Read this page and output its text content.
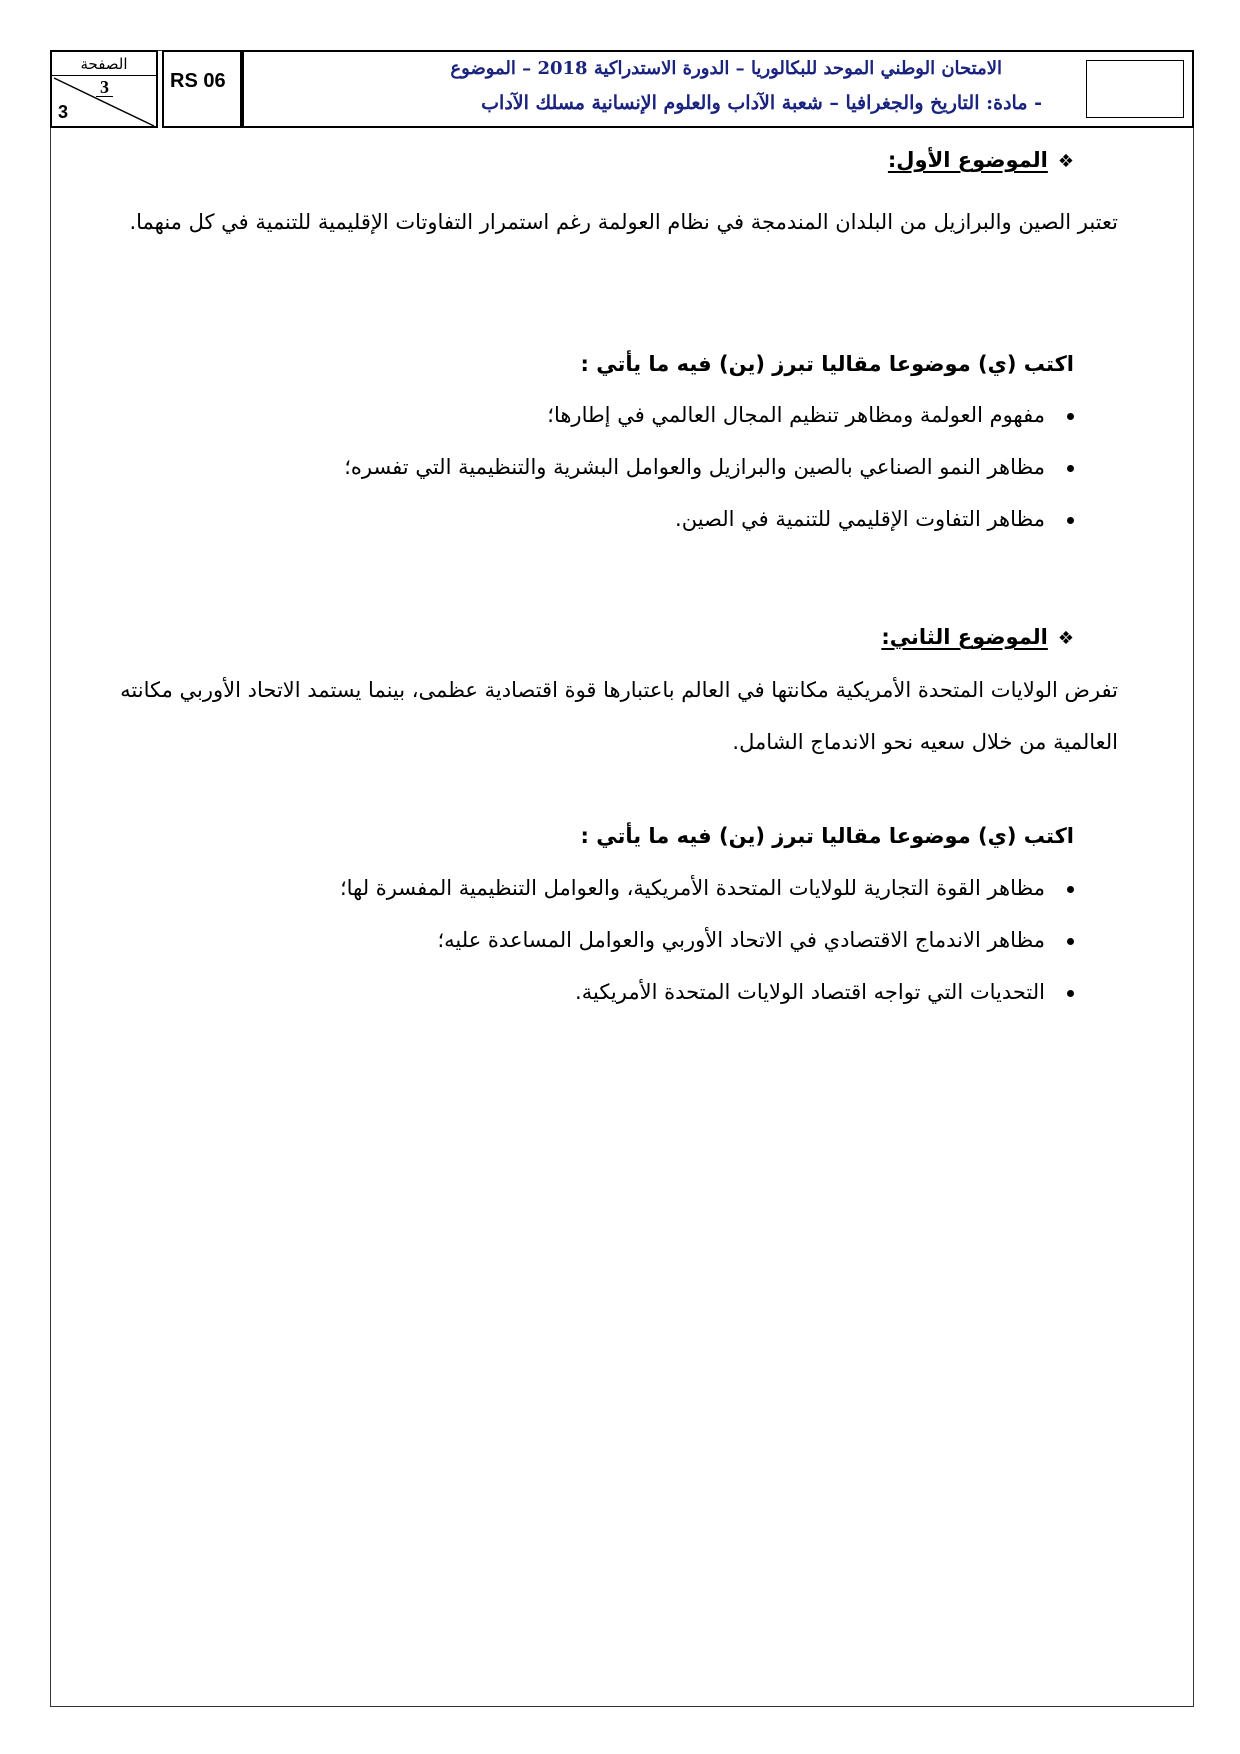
الصفحة
3
3
RS 06
الامتحان الوطني الموحد للبكالوريا – الدورة الاستدراكية 2018 – الموضوع
- مادة: التاريخ والجغرافيا – شعبة الآداب والعلوم الإنسانية مسلك الآداب
❖الموضوع الأول:
تعتبر الصين والبرازيل من البلدان المندمجة في نظام العولمة رغم استمرار التفاوتات الإقليمية للتنمية في كل منهما.
اكتب (ي) موضوعا مقاليا تبرز (ين) فيه ما يأتي :
مفهوم العولمة ومظاهر تنظيم المجال العالمي في إطارها؛
مظاهر النمو الصناعي بالصين والبرازيل والعوامل البشرية والتنظيمية التي تفسره؛
مظاهر التفاوت الإقليمي للتنمية في الصين.
❖الموضوع الثاني:
تفرض الولايات المتحدة الأمريكية مكانتها في العالم باعتبارها قوة اقتصادية عظمى، بينما يستمد الاتحاد الأوربي مكانته العالمية من خلال سعيه نحو الاندماج الشامل.
اكتب (ي) موضوعا مقاليا تبرز (ين) فيه ما يأتي :
مظاهر القوة التجارية للولايات المتحدة الأمريكية، والعوامل التنظيمية المفسرة لها؛
مظاهر الاندماج الاقتصادي في الاتحاد الأوربي والعوامل المساعدة عليه؛
التحديات التي تواجه اقتصاد الولايات المتحدة الأمريكية.
